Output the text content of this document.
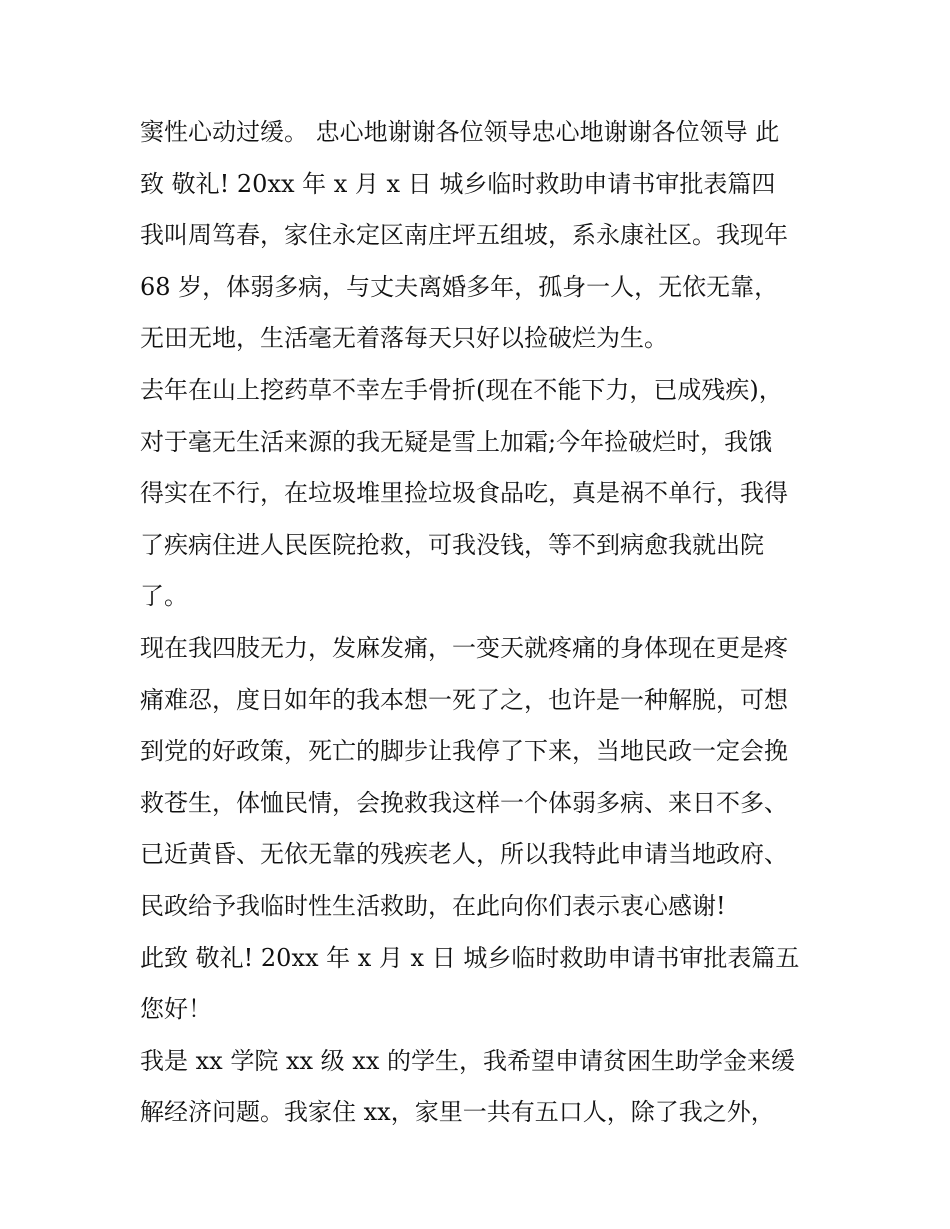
窦性心动过缓。 忠心地谢谢各位领导忠心地谢谢各位领导 此

致 敬礼! 20xx 年 x 月 x 日 城乡临时救助申请书审批表篇四

我叫周笃春，家住永定区南庄坪五组坡，系永康社区。我现年

68 岁，体弱多病，与丈夫离婚多年，孤身一人，无依无靠，

无田无地，生活毫无着落每天只好以捡破烂为生。

去年在山上挖药草不幸左手骨折(现在不能下力，已成残疾)，

对于毫无生活来源的我无疑是雪上加霜;今年捡破烂时，我饿

得实在不行，在垃圾堆里捡垃圾食品吃，真是祸不单行，我得

了疾病住进人民医院抢救，可我没钱，等不到病愈我就出院

了。

现在我四肢无力，发麻发痛，一变天就疼痛的身体现在更是疼

痛难忍，度日如年的我本想一死了之，也许是一种解脱，可想

到党的好政策，死亡的脚步让我停了下来，当地民政一定会挽

救苍生，体恤民情，会挽救我这样一个体弱多病、来日不多、

已近黄昏、无依无靠的残疾老人，所以我特此申请当地政府、

民政给予我临时性生活救助，在此向你们表示衷心感谢!

此致 敬礼! 20xx 年 x 月 x 日 城乡临时救助申请书审批表篇五

您好！

我是 xx 学院 xx 级 xx 的学生，我希望申请贫困生助学金来缓

解经济问题。我家住 xx，家里一共有五口人，除了我之外，
